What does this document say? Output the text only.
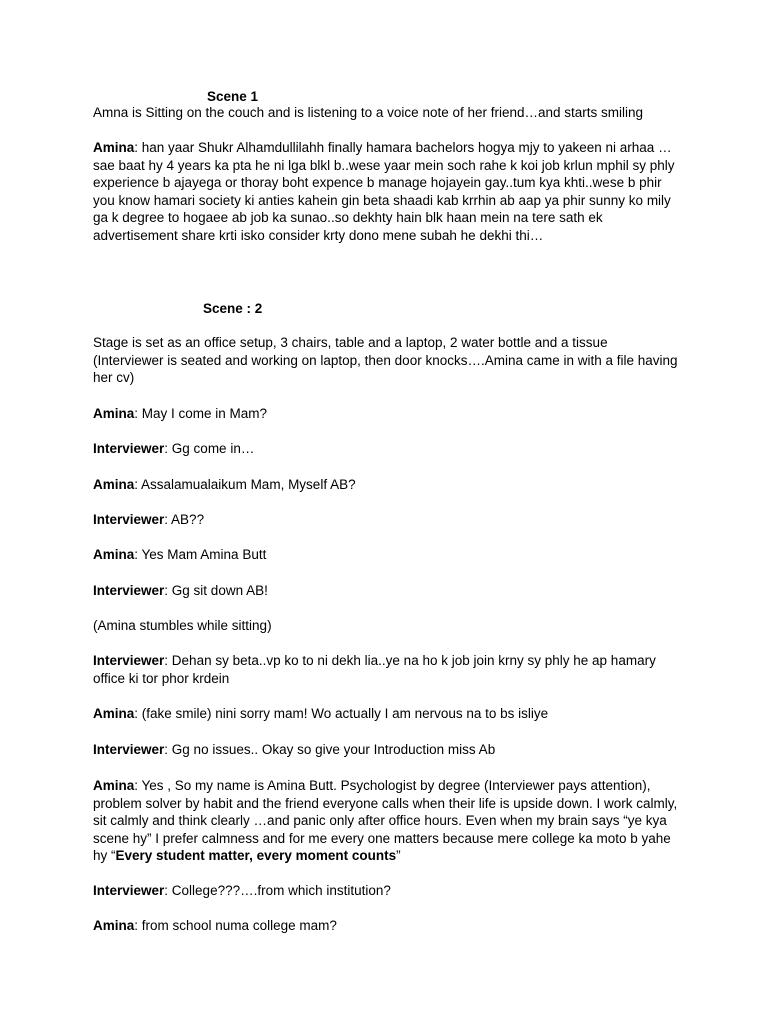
Scene 1
Amna is Sitting on the couch and is listening to a voice note of her friend…and starts smiling
Amina: han yaar Shukr Alhamdullilahh finally hamara bachelors hogya mjy to yakeen ni arhaa …sae baat hy 4 years ka pta he ni lga blkl b..wese yaar mein soch rahe k koi job krlun mphil sy phly experience b ajayega or thoray boht expence b manage hojayein gay..tum kya khti..wese b phir you know hamari society ki anties kahein gin beta shaadi kab krrhin ab aap ya phir sunny ko mily ga k degree to hogaee ab job ka sunao..so dekhty hain blk haan mein na tere sath ek advertisement share krti isko consider krty dono mene subah he dekhi thi…
Scene : 2
Stage is set as an office setup, 3 chairs, table and a laptop, 2 water bottle and a tissue (Interviewer is seated and working on laptop, then door knocks….Amina came in with a file having her cv)
Amina: May I come in Mam?
Interviewer: Gg come in…
Amina: Assalamualaikum Mam, Myself AB?
Interviewer: AB??
Amina: Yes Mam Amina Butt
Interviewer: Gg sit down AB!
(Amina stumbles while sitting)
Interviewer: Dehan sy beta..vp ko to ni dekh lia..ye na ho k job join krny sy phly he ap hamary office ki tor phor krdein
Amina: (fake smile) nini sorry mam! Wo actually I am nervous na to bs isliye
Interviewer: Gg no issues.. Okay so give your Introduction miss Ab
Amina: Yes , So my name is Amina Butt. Psychologist by degree (Interviewer pays attention), problem solver by habit and the friend everyone calls when their life is upside down. I work calmly, sit calmly and think clearly …and panic only after office hours. Even when my brain says “ye kya scene hy” I prefer calmness and for me every one matters because mere college ka moto b yahe hy “Every student matter, every moment counts”
Interviewer: College???….from which institution?
Amina: from school numa college mam?
